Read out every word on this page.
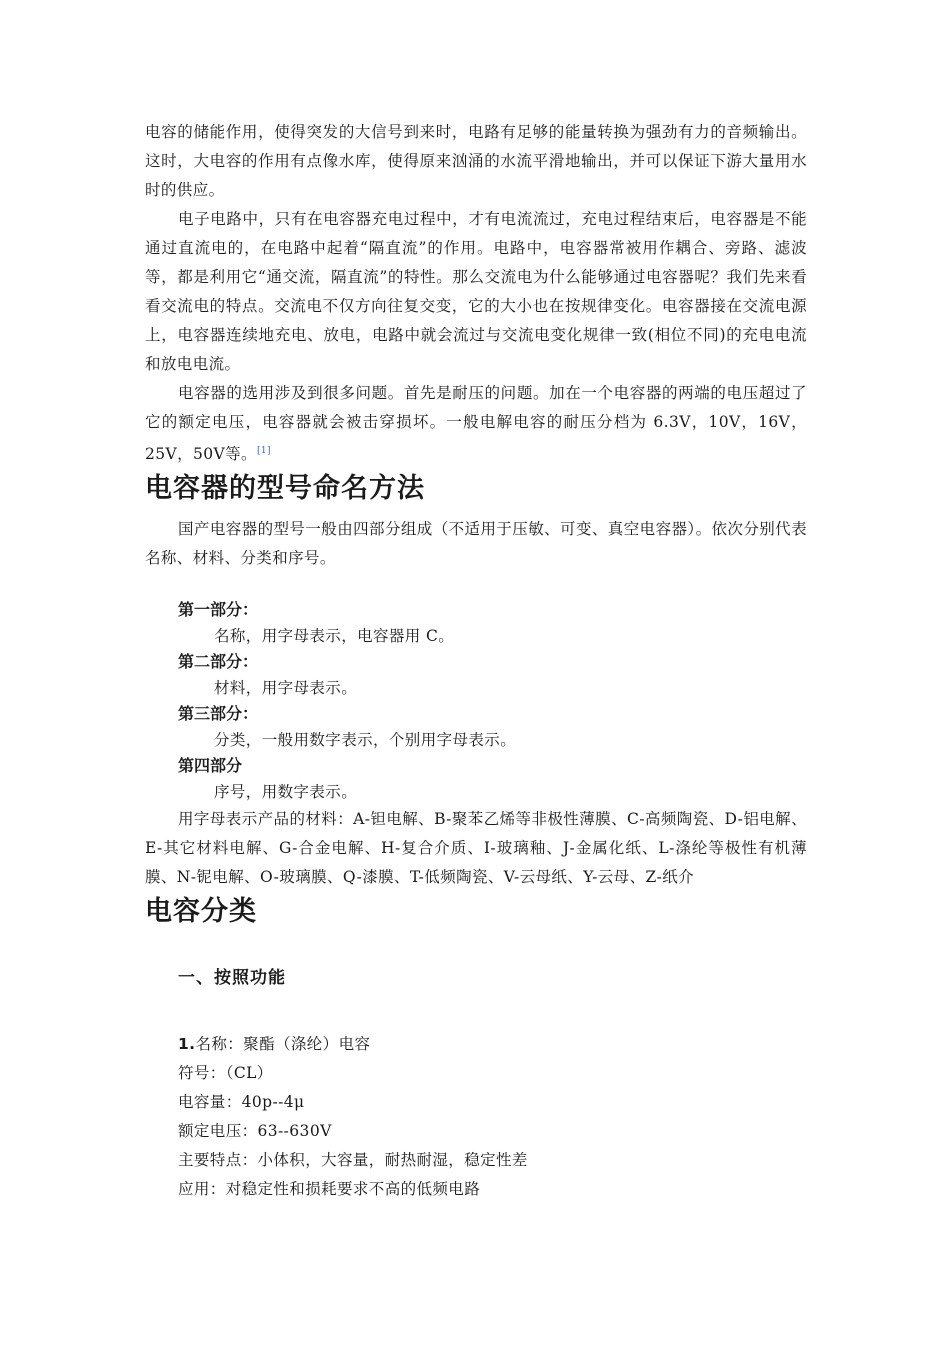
电容的储能作用，使得突发的大信号到来时，电路有足够的能量转换为强劲有力的音频输出。这时，大电容的作用有点像水库，使得原来汹涌的水流平滑地输出，并可以保证下游大量用水时的供应。

电子电路中，只有在电容器充电过程中，才有电流流过，充电过程结束后，电容器是不能通过直流电的，在电路中起着“隔直流”的作用。电路中，电容器常被用作耦合、旁路、滤波等，都是利用它“通交流，隔直流”的特性。那么交流电为什么能够通过电容器呢？我们先来看看交流电的特点。交流电不仅方向往复交变，它的大小也在按规律变化。电容器接在交流电源上，电容器连续地充电、放电，电路中就会流过与交流电变化规律一致(相位不同)的充电电流和放电电流。

电容器的选用涉及到很多问题。首先是耐压的问题。加在一个电容器的两端的电压超过了它的额定电压，电容器就会被击穿损坏。一般电解电容的耐压分档为 6.3V，10V，16V，25V，50V等。[1]

电容器的型号命名方法

国产电容器的型号一般由四部分组成（不适用于压敏、可变、真空电容器）。依次分别代表名称、材料、分类和序号。

第一部分：

名称，用字母表示，电容器用 C。

第二部分：

材料，用字母表示。

第三部分：

分类，一般用数字表示，个别用字母表示。

第四部分

序号，用数字表示。

用字母表示产品的材料：A-钽电解、B-聚苯乙烯等非极性薄膜、C-高频陶瓷、D-铝电解、E-其它材料电解、G-合金电解、H-复合介质、I-玻璃釉、J-金属化纸、L-涤纶等极性有机薄膜、N-铌电解、O-玻璃膜、Q-漆膜、T-低频陶瓷、V-云母纸、Y-云母、Z-纸介

电容分类
一、按照功能

1.名称：聚酯（涤纶）电容

符号：（CL）

电容量：40p--4μ

额定电压：63--630V

主要特点：小体积，大容量，耐热耐湿，稳定性差

应用：对稳定性和损耗要求不高的低频电路
